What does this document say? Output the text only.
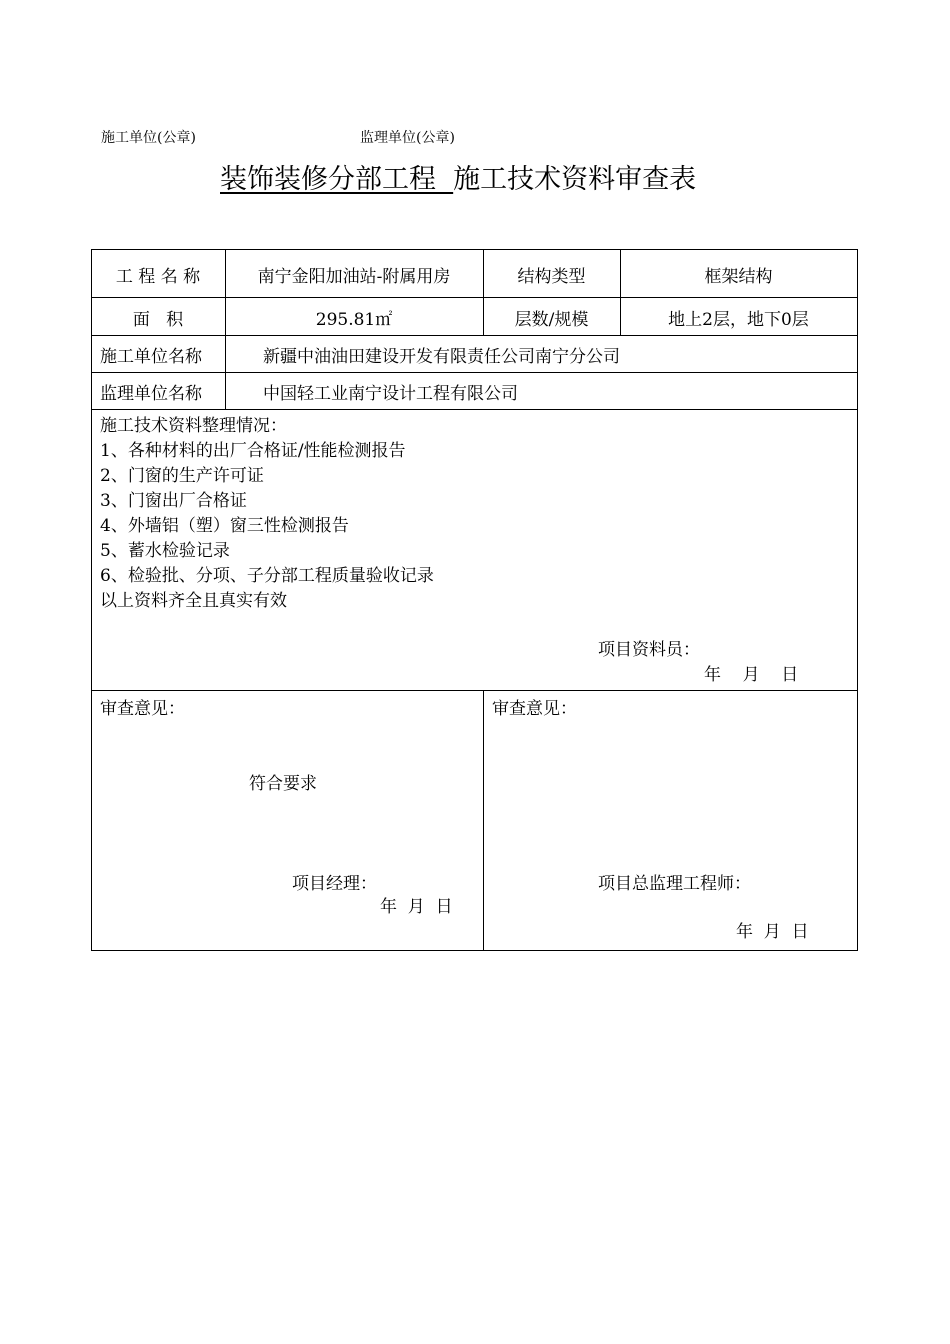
施工单位(公章)	监理单位(公章)
装饰装修分部工程 施工技术资料审查表
工 程 名 称	南宁金阳加油站-附属用房	结构类型	框架结构
面   积	295.81㎡	层数/规模	地上2层，地下0层
施工单位名称	新疆中油油田建设开发有限责任公司南宁分公司
监理单位名称	中国轻工业南宁设计工程有限公司
施工技术资料整理情况：
1、各种材料的出厂合格证/性能检测报告
2、门窗的生产许可证
3、门窗出厂合格证
4、外墙铝（塑）窗三性检测报告
5、蓄水检验记录
6、检验批、分项、子分部工程质量验收记录
以上资料齐全且真实有效
项目资料员：
年    月    日
审查意见：
符合要求
项目经理：
年  月  日
审查意见：
项目总监理工程师：
年  月  日
